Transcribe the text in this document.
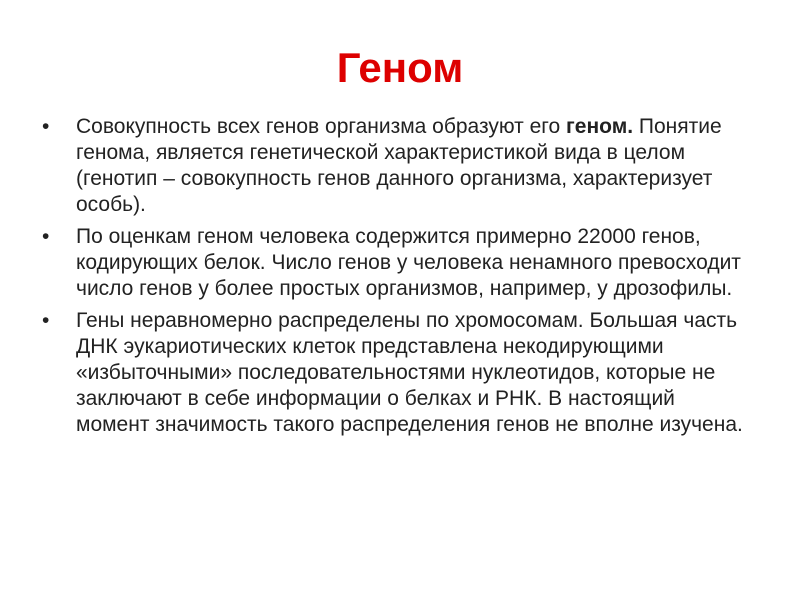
Геном
•	Совокупность всех генов организма образуют его геном. Понятие генома, является генетической характеристикой вида в целом (генотип – совокупность генов данного организма, характеризует особь).
•	По оценкам геном человека содержится примерно 22000 генов, кодирующих белок. Число генов у человека ненамного превосходит число генов у более простых организмов, например, у дрозофилы.
•	Гены неравномерно распределены по хромосомам. Большая часть ДНК эукариотических клеток представлена некодирующими «избыточными» последовательностями нуклеотидов, которые не заключают в себе информации о белках и РНК. В настоящий момент значимость такого распределения генов не вполне изучена.
